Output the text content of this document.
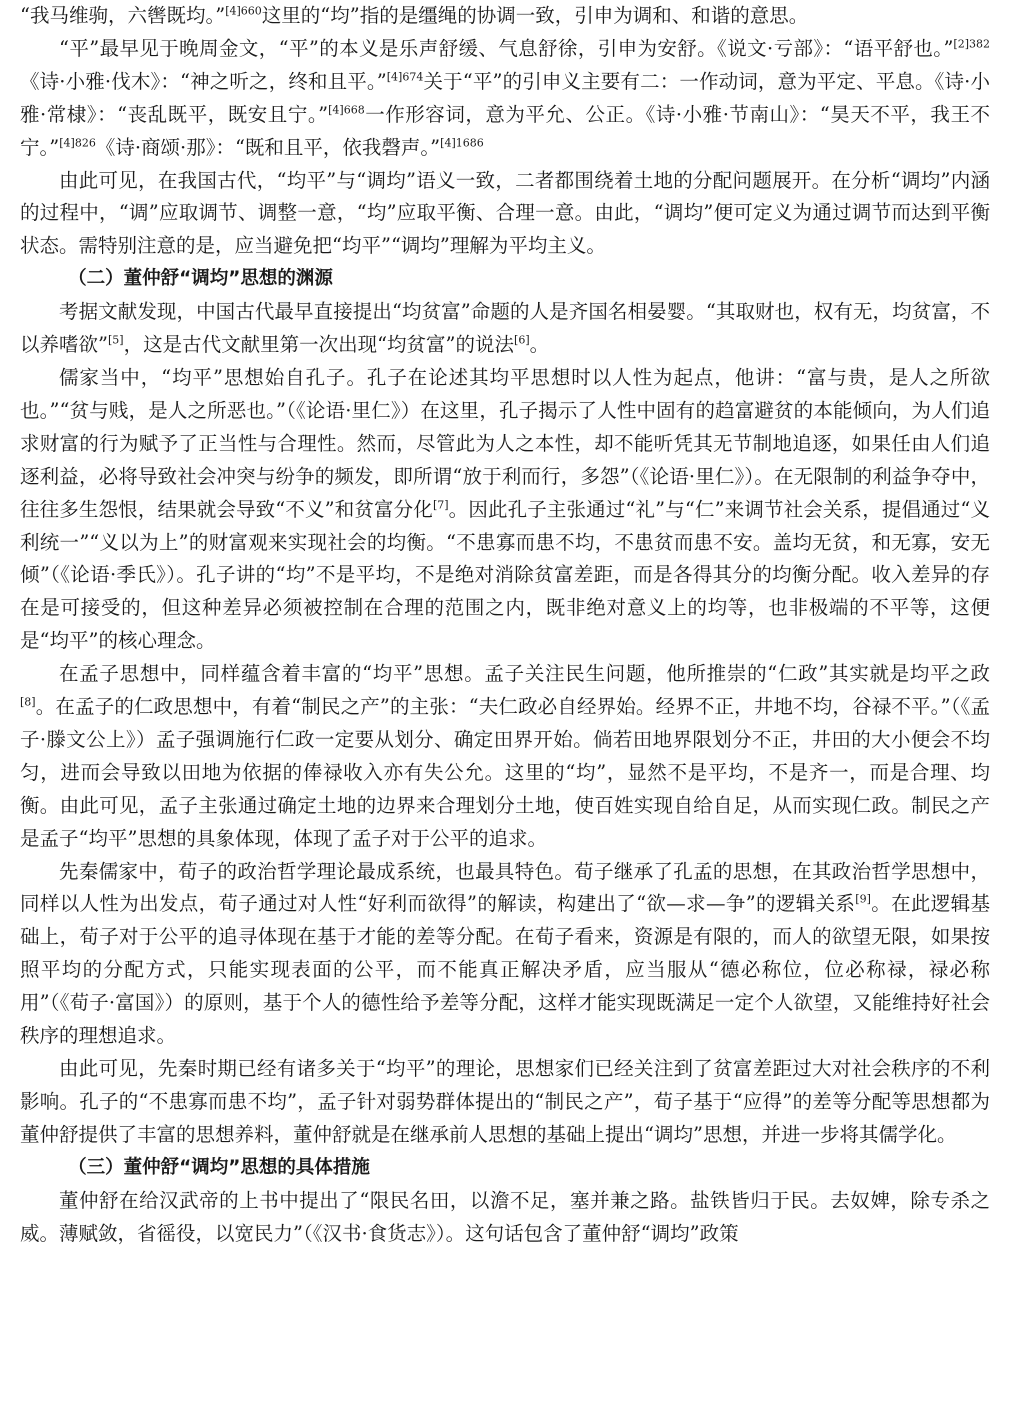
“我马维驹，六辔既均。”$^{[4]660}$这里的“均”指的是缰绳的协调一致，引申为调和、和谐的意思。

“平”最早见于晚周金文，“平”的本义是乐声舒缓、气息舒徐，引申为安舒。《说文·亏部》：“语平舒也。”$^{[2]382}$《诗·小雅·伐木》：“神之听之，终和且平。”$^{[4]674}$关于“平”的引申义主要有二：一作动词，意为平定、平息。《诗·小雅·常棣》：“丧乱既平，既安且宁。”$^{[4]668}$一作形容词，意为平允、公正。《诗·小雅·节南山》：“昊天不平，我王不宁。”$^{[4]826}$《诗·商颂·那》：“既和且平，依我磬声。”$^{[4]1686}$

由此可见，在我国古代，“均平”与“调均”语义一致，二者都围绕着土地的分配问题展开。在分析“调均”内涵的过程中，“调”应取调节、调整一意，“均”应取平衡、合理一意。由此，“调均”便可定义为通过调节而达到平衡状态。需特别注意的是，应当避免把“均平”“调均”理解为平均主义。

（二）董仲舒“调均”思想的渊源

考据文献发现，中国古代最早直接提出“均贫富”命题的人是齐国名相晏婴。“其取财也，权有无，均贫富，不以养嗜欲”[5]，这是古代文献里第一次出现“均贫富”的说法[6]。

儒家当中，“均平”思想始自孔子。孔子在论述其均平思想时以人性为起点，他讲：“富与贵，是人之所欲也。”“贫与贱，是人之所恶也。”（《论语·里仁》）在这里，孔子揭示了人性中固有的趋富避贫的本能倾向，为人们追求财富的行为赋予了正当性与合理性。然而，尽管此为人之本性，却不能听凭其无节制地追逐，如果任由人们追逐利益，必将导致社会冲突与纷争的频发，即所谓“放于利而行，多怨”（《论语·里仁》）。在无限制的利益争夺中，往往多生怨恨，结果就会导致“不义”和贫富分化[7]。因此孔子主张通过“礼”与“仁”来调节社会关系，提倡通过“义利统一”“义以为上”的财富观来实现社会的均衡。“不患寡而患不均，不患贫而患不安。盖均无贫，和无寡，安无倾”（《论语·季氏》）。孔子讲的“均”不是平均，不是绝对消除贫富差距，而是各得其分的均衡分配。收入差异的存在是可接受的，但这种差异必须被控制在合理的范围之内，既非绝对意义上的均等，也非极端的不平等，这便是“均平”的核心理念。

在孟子思想中，同样蕴含着丰富的“均平”思想。孟子关注民生问题，他所推崇的“仁政”其实就是均平之政[8]。在孟子的仁政思想中，有着“制民之产”的主张：“夫仁政必自经界始。经界不正，井地不均，谷禄不平。”（《孟子·滕文公上》）孟子强调施行仁政一定要从划分、确定田界开始。倘若田地界限划分不正，井田的大小便会不均匀，进而会导致以田地为依据的俸禄收入亦有失公允。这里的“均”，显然不是平均，不是齐一，而是合理、均衡。由此可见，孟子主张通过确定土地的边界来合理划分土地，使百姓实现自给自足，从而实现仁政。制民之产是孟子“均平”思想的具象体现，体现了孟子对于公平的追求。

先秦儒家中，荀子的政治哲学理论最成系统，也最具特色。荀子继承了孔孟的思想，在其政治哲学思想中，同样以人性为出发点，荀子通过对人性“好利而欲得”的解读，构建出了“欲—求—争”的逻辑关系[9]。在此逻辑基础上，荀子对于公平的追寻体现在基于才能的差等分配。在荀子看来，资源是有限的，而人的欲望无限，如果按照平均的分配方式，只能实现表面的公平，而不能真正解决矛盾，应当服从“德必称位，位必称禄，禄必称用”（《荀子·富国》）的原则，基于个人的德性给予差等分配，这样才能实现既满足一定个人欲望，又能维持好社会秩序的理想追求。

由此可见，先秦时期已经有诸多关于“均平”的理论，思想家们已经关注到了贫富差距过大对社会秩序的不利影响。孔子的“不患寡而患不均”，孟子针对弱势群体提出的“制民之产”，荀子基于“应得”的差等分配等思想都为董仲舒提供了丰富的思想养料，董仲舒就是在继承前人思想的基础上提出“调均”思想，并进一步将其儒学化。

（三）董仲舒“调均”思想的具体措施

董仲舒在给汉武帝的上书中提出了“限民名田，以澹不足，塞并兼之路。盐铁皆归于民。去奴婢，除专杀之威。薄赋敛，省徭役，以宽民力”（《汉书·食货志》）。这句话包含了董仲舒“调均”政策
